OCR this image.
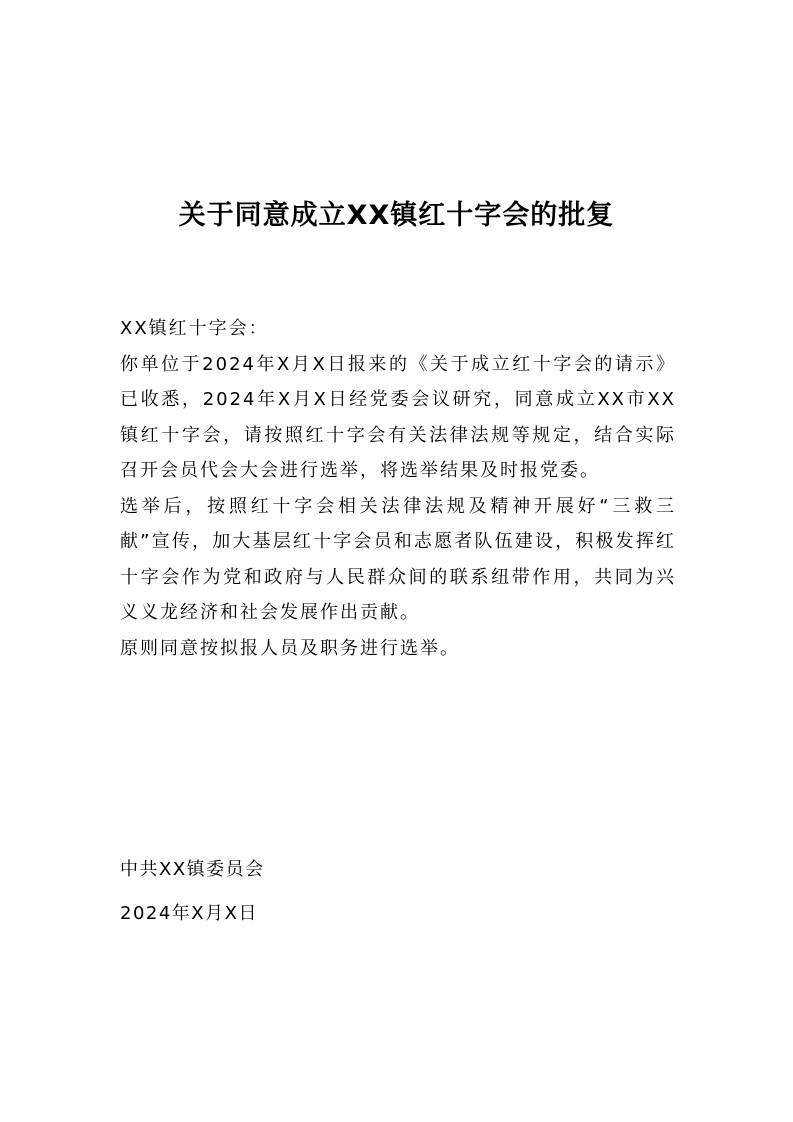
关于同意成立XX镇红十字会的批复

XX镇红十字会：

你单位于2024年X月X日报来的《关于成立红十字会的请示》已收悉，2024年X月X日经党委会议研究，同意成立XX市XX镇红十字会，请按照红十字会有关法律法规等规定，结合实际召开会员代会大会进行选举，将选举结果及时报党委。

选举后，按照红十字会相关法律法规及精神开展好“三救三献”宣传，加大基层红十字会员和志愿者队伍建设，积极发挥红十字会作为党和政府与人民群众间的联系纽带作用，共同为兴义义龙经济和社会发展作出贡献。

原则同意按拟报人员及职务进行选举。

中共XX镇委员会

2024年X月X日
